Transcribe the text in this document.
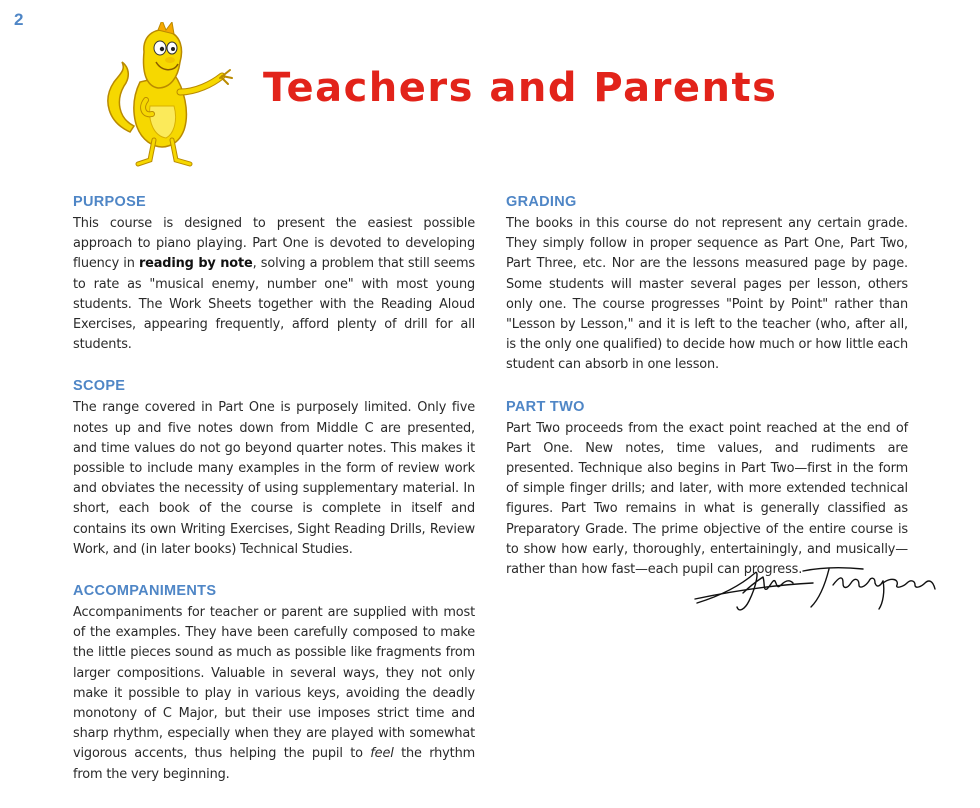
2
Teachers and Parents
PURPOSE

This course is designed to present the easiest possible approach to piano playing. Part One is devoted to developing fluency in reading by note, solving a problem that still seems to rate as "musical enemy, number one" with most young students. The Work Sheets together with the Reading Aloud Exercises, appearing frequently, afford plenty of drill for all students.

SCOPE

The range covered in Part One is purposely limited. Only five notes up and five notes down from Middle C are presented, and time values do not go beyond quarter notes. This makes it possible to include many examples in the form of review work and obviates the necessity of using supplementary material. In short, each book of the course is complete in itself and contains its own Writing Exercises, Sight Reading Drills, Review Work, and (in later books) Technical Studies.

ACCOMPANIMENTS

Accompaniments for teacher or parent are supplied with most of the examples. They have been carefully composed to make the little pieces sound as much as possible like fragments from larger compositions. Valuable in several ways, they not only make it possible to play in various keys, avoiding the deadly monotony of C Major, but their use imposes strict time and sharp rhythm, especially when they are played with somewhat vigorous accents, thus helping the pupil to feel the rhythm from the very beginning.

GRADING

The books in this course do not represent any certain grade. They simply follow in proper sequence as Part One, Part Two, Part Three, etc. Nor are the lessons measured page by page. Some students will master several pages per lesson, others only one. The course progresses "Point by Point" rather than "Lesson by Lesson," and it is left to the teacher (who, after all, is the only one qualified) to decide how much or how little each student can absorb in one lesson.

PART TWO

Part Two proceeds from the exact point reached at the end of Part One. New notes, time values, and rudiments are presented. Technique also begins in Part Two—first in the form of simple finger drills; and later, with more extended technical figures. Part Two remains in what is generally classified as Preparatory Grade. The prime objective of the entire course is to show how early, thoroughly, entertainingly, and musically—rather than how fast—each pupil can progress.
